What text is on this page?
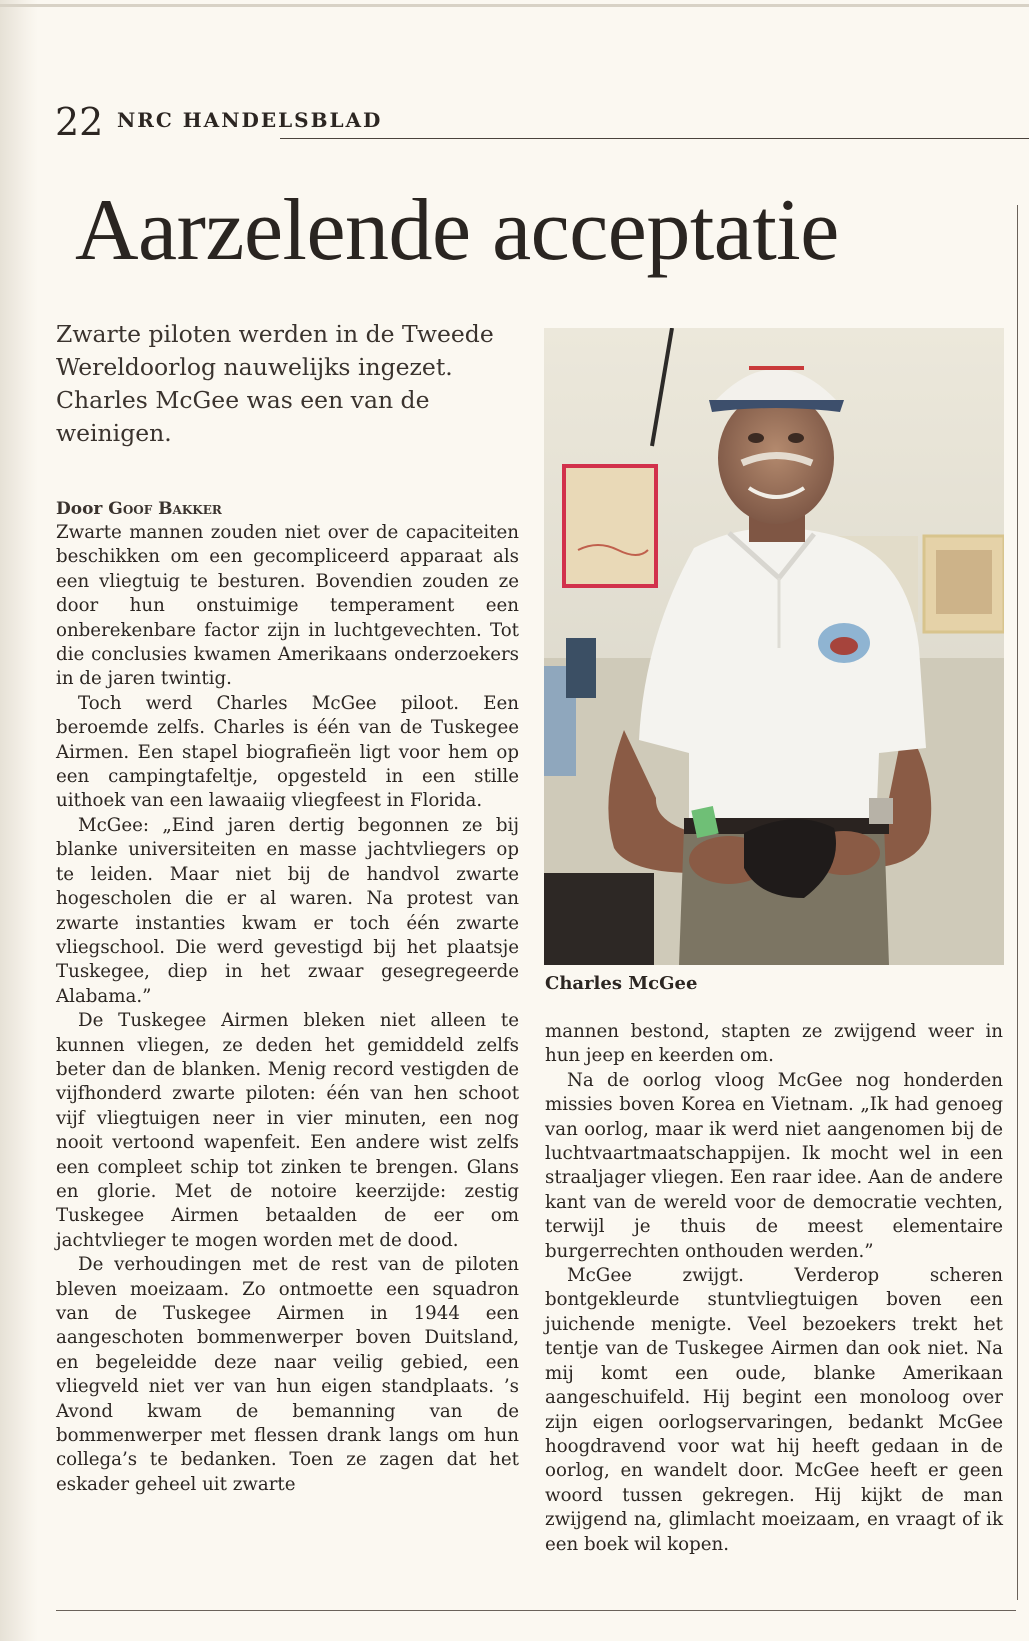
22 NRC HANDELSBLAD
Aarzelende acceptatie
Zwarte piloten werden in de Tweede Wereldoorlog nauwelijks ingezet. Charles McGee was een van de weinigen.
Door Goof Bakker

Zwarte mannen zouden niet over de capaciteiten beschikken om een gecompliceerd apparaat als een vliegtuig te besturen. Bovendien zouden ze door hun onstuimige temperament een onberekenbare factor zijn in luchtgevechten. Tot die conclusies kwamen Amerikaans onderzoekers in de jaren twintig.

Toch werd Charles McGee piloot. Een beroemde zelfs. Charles is één van de Tuskegee Airmen. Een stapel biografieën ligt voor hem op een campingtafeltje, opgesteld in een stille uithoek van een lawaaiig vliegfeest in Florida.

McGee: „Eind jaren dertig begonnen ze bij blanke universiteiten en masse jachtvliegers op te leiden. Maar niet bij de handvol zwarte hogescholen die er al waren. Na protest van zwarte instanties kwam er toch één zwarte vliegschool. Die werd gevestigd bij het plaatsje Tuskegee, diep in het zwaar gesegregeerde Alabama.”

De Tuskegee Airmen bleken niet alleen te kunnen vliegen, ze deden het gemiddeld zelfs beter dan de blanken. Menig record vestigden de vijfhonderd zwarte piloten: één van hen schoot vijf vliegtuigen neer in vier minuten, een nog nooit vertoond wapenfeit. Een andere wist zelfs een compleet schip tot zinken te brengen. Glans en glorie. Met de notoire keerzijde: zestig Tuskegee Airmen betaalden de eer om jachtvlieger te mogen worden met de dood.

De verhoudingen met de rest van de piloten bleven moeizaam. Zo ontmoette een squadron van de Tuskegee Airmen in 1944 een aangeschoten bommenwerper boven Duitsland, en begeleidde deze naar veilig gebied, een vliegveld niet ver van hun eigen standplaats. ’s Avond kwam de bemanning van de bommenwerper met flessen drank langs om hun collega’s te bedanken. Toen ze zagen dat het eskader geheel uit zwarte

Charles McGee

mannen bestond, stapten ze zwijgend weer in hun jeep en keerden om.

Na de oorlog vloog McGee nog honderden missies boven Korea en Vietnam. „Ik had genoeg van oorlog, maar ik werd niet aangenomen bij de luchtvaartmaatschappijen. Ik mocht wel in een straaljager vliegen. Een raar idee. Aan de andere kant van de wereld voor de democratie vechten, terwijl je thuis de meest elementaire burgerrechten onthouden werden.”

McGee zwijgt. Verderop scheren bontgekleurde stuntvliegtuigen boven een juichende menigte. Veel bezoekers trekt het tentje van de Tuskegee Airmen dan ook niet. Na mij komt een oude, blanke Amerikaan aangeschuifeld. Hij begint een monoloog over zijn eigen oorlogservaringen, bedankt McGee hoogdravend voor wat hij heeft gedaan in de oorlog, en wandelt door. McGee heeft er geen woord tussen gekregen. Hij kijkt de man zwijgend na, glimlacht moeizaam, en vraagt of ik een boek wil kopen.
